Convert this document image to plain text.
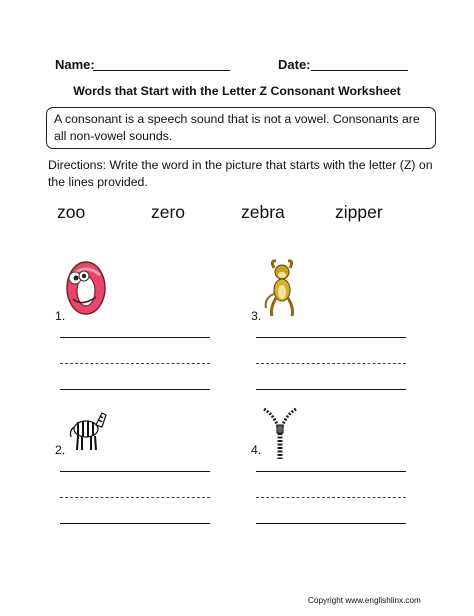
Name:	Date:
Words that Start with the Letter Z Consonant Worksheet
A consonant is a speech sound that is not a vowel. Consonants are all non-vowel sounds.
Directions: Write the word in the picture that starts with the letter (Z) on the lines provided.
zoo	zero	zebra	zipper
1.	3.
2.	4.
Copyright www.englishlinx.com
